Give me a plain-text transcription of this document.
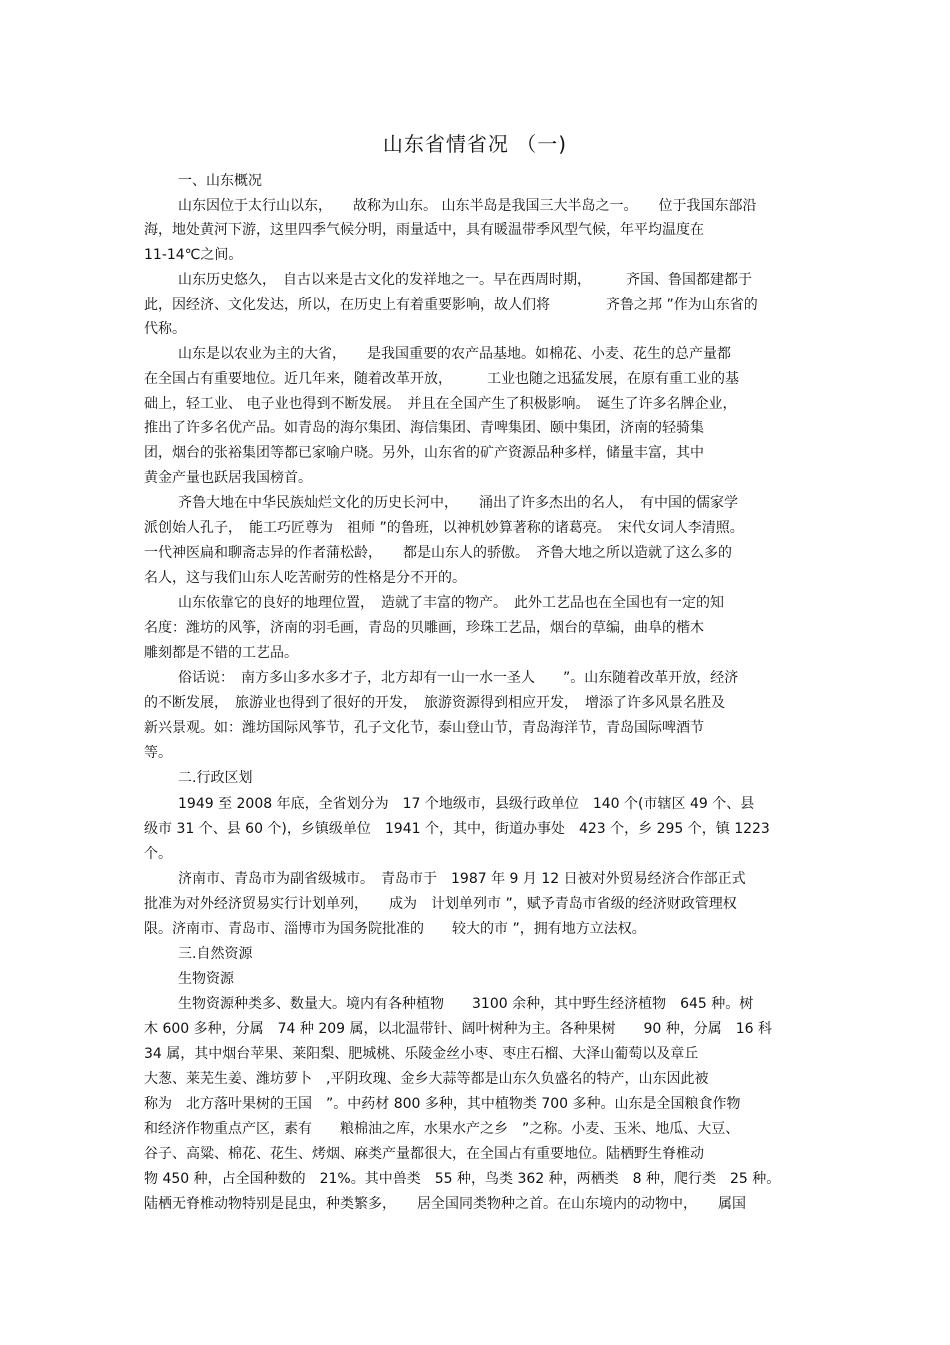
山东省情省况 （一)
一、山东概况
山东因位于太行山以东，　　故称为山东。 山东半岛是我国三大半岛之一。　　位于我国东部沿
海，地处黄河下游，这里四季气候分明，雨量适中，具有暖温带季风型气候，年平均温度在
11-14℃之间。
山东历史悠久，　自古以来是古文化的发祥地之一。早在西周时期，　　　齐国、鲁国都建都于
此，因经济、文化发达，所以，在历史上有着重要影响，故人们将　　　　齐鲁之邦 ”作为山东省的
代称。
山东是以农业为主的大省，　　是我国重要的农产品基地。如棉花、小麦、花生的总产量都
在全国占有重要地位。近几年来，随着改革开放，　　　工业也随之迅猛发展，在原有重工业的基
础上，轻工业、 电子业也得到不断发展。　并且在全国产生了积极影响。　诞生了许多名牌企业，
推出了许多名优产品。如青岛的海尔集团、海信集团、青啤集团、颐中集团，济南的轻骑集
团，烟台的张裕集团等都已家喻户晓。另外，山东省的矿产资源品种多样，储量丰富，其中
黄金产量也跃居我国榜首。
齐鲁大地在中华民族灿烂文化的历史长河中，　　涌出了许多杰出的名人，　有中国的儒家学
派创始人孔子，　能工巧匠尊为　祖师 ”的鲁班，以神机妙算著称的诸葛亮。　宋代女词人李清照。
一代神医扁和聊斋志异的作者蒲松龄，　　都是山东人的骄傲。　齐鲁大地之所以造就了这么多的
名人，这与我们山东人吃苦耐劳的性格是分不开的。
山东依靠它的良好的地理位置，　造就了丰富的物产。　此外工艺品也在全国也有一定的知
名度：潍坊的风筝，济南的羽毛画，青岛的贝雕画，珍珠工艺品，烟台的草编，曲阜的楷木
雕刻都是不错的工艺品。
俗话说：　南方多山多水多才子，北方却有一山一水一圣人　　”。山东随着改革开放，经济
的不断发展，　旅游业也得到了很好的开发，　旅游资源得到相应开发，　增添了许多风景名胜及
新兴景观。如：潍坊国际风筝节，孔子文化节，泰山登山节，青岛海洋节，青岛国际啤酒节
等。
二.行政区划
1949 至 2008 年底，全省划分为　17 个地级市，县级行政单位　140 个(市辖区 49 个、县
级市 31 个、县 60 个)，乡镇级单位　1941 个，其中，街道办事处　423 个，乡 295 个，镇 1223
个。
济南市、青岛市为副省级城市。　青岛市于　1987 年 9 月 12 日被对外贸易经济合作部正式
批准为对外经济贸易实行计划单列，　　成为　计划单列市 ”，赋予青岛市省级的经济财政管理权
限。济南市、青岛市、淄博市为国务院批准的　　较大的市 ”，拥有地方立法权。
三.自然资源
生物资源
生物资源种类多、数量大。境内有各种植物　　3100 余种，其中野生经济植物　645 种。树
木 600 多种，分属　74 种 209 属，以北温带针、阔叶树种为主。各种果树　　90 种，分属　16 科
34 属，其中烟台苹果、莱阳梨、肥城桃、乐陵金丝小枣、枣庄石榴、大泽山葡萄以及章丘
大葱、莱芜生姜、潍坊萝卜　,平阴玫瑰、金乡大蒜等都是山东久负盛名的特产，山东因此被
称为　北方落叶果树的王国　”。中药材 800 多种，其中植物类 700 多种。山东是全国粮食作物
和经济作物重点产区，素有　　粮棉油之库，水果水产之乡　”之称。小麦、玉米、地瓜、大豆、
谷子、高粱、棉花、花生、烤烟、麻类产量都很大，在全国占有重要地位。陆栖野生脊椎动
物 450 种，占全国种数的　21%。其中兽类　55 种，鸟类 362 种，两栖类　8 种，爬行类　25 种。
陆栖无脊椎动物特别是昆虫，种类繁多，　　居全国同类物种之首。在山东境内的动物中，　　属国
